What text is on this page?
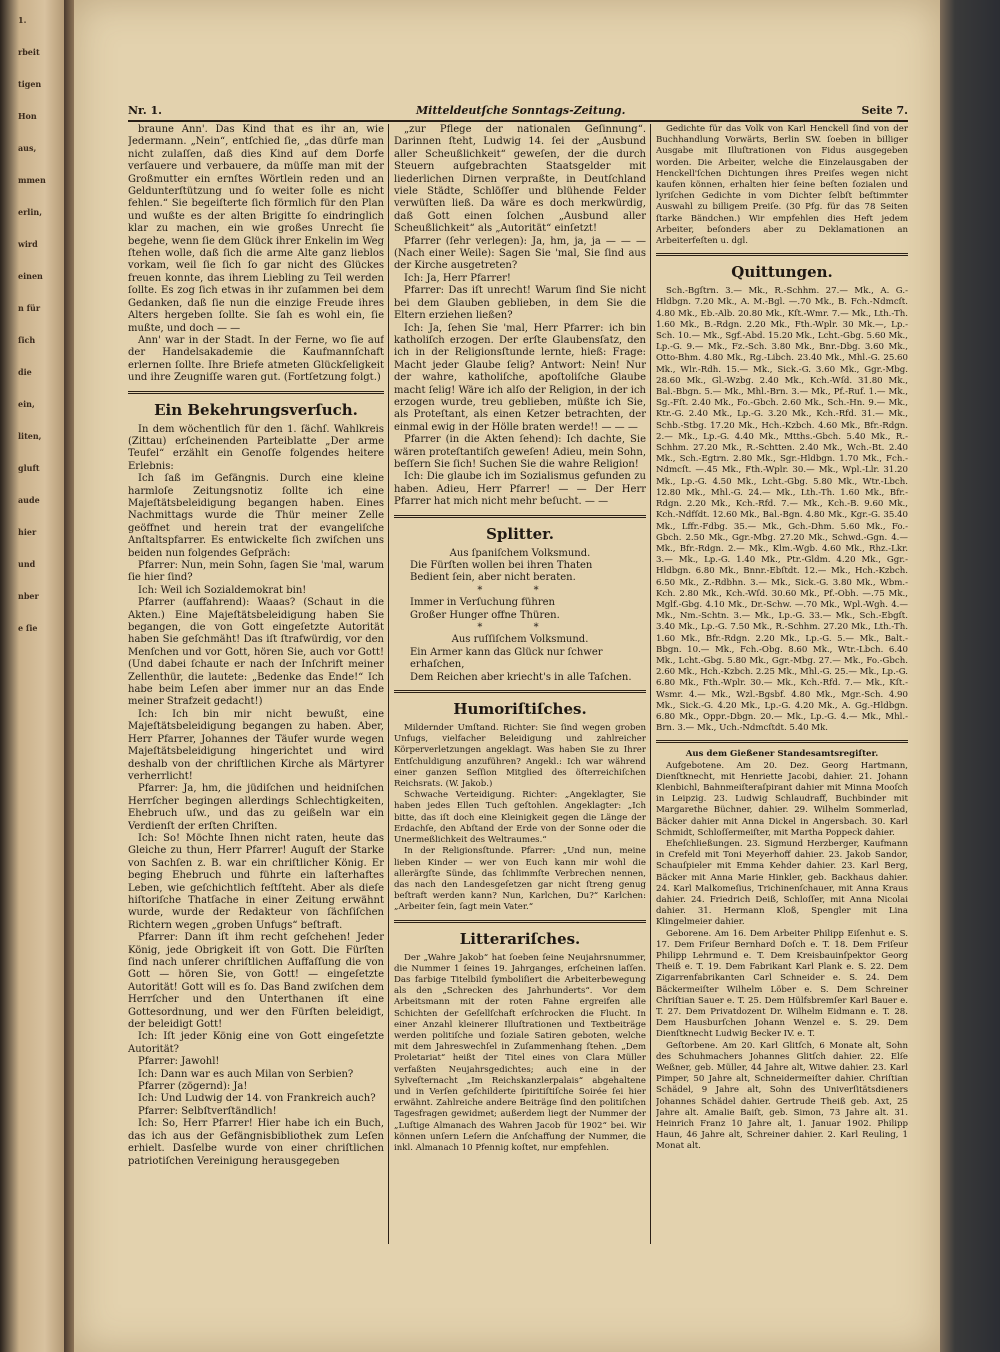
1.

rbeit

tigen

Hon

aus,

mmen

erlin,

wird

einen

n für

ſich

die

ein,

liten,

gluft

aude

hier

und

nber

e ſie

Nr. 1.	Mitteldeutſche Sonntags-Zeitung.	Seite 7.

braune Ann'. Das Kind that es ihr an, wie Jedermann. „Nein“, entſchied ſie, „das dürfe man nicht zulaſſen, daß dies Kind auf dem Dorfe verſauere und verbauere, da müſſe man mit der Großmutter ein ernſtes Wörtlein reden und an Geldunterſtützung und ſo weiter ſolle es nicht fehlen.“ Sie begeiſterte ſich förmlich für den Plan und wußte es der alten Brigitte ſo eindringlich klar zu machen, ein wie großes Unrecht ſie begehe, wenn ſie dem Glück ihrer Enkelin im Weg ſtehen wolle, daß ſich die arme Alte ganz lieblos vorkam, weil ſie ſich ſo gar nicht des Glückes freuen konnte, das ihrem Liebling zu Teil werden ſollte. Es zog ſich etwas in ihr zuſammen bei dem Gedanken, daß ſie nun die einzige Freude ihres Alters hergeben ſollte. Sie ſah es wohl ein, ſie mußte, und doch — —

Ann' war in der Stadt. In der Ferne, wo ſie auf der Handelsakademie die Kaufmannſchaft erlernen ſollte. Ihre Briefe atmeten Glückſeligkeit und ihre Zeugniſſe waren gut. (Fortſetzung folgt.)

Ein Bekehrungsverſuch.

In dem wöchentlich für den 1. ſächſ. Wahlkreis (Zittau) erſcheinenden Parteiblatte „Der arme Teufel“ erzählt ein Genoſſe folgendes heitere Erlebnis:

Ich ſaß im Gefängnis. Durch eine kleine harmloſe Zeitungsnotiz ſollte ich eine Majeſtätsbeleidigung begangen haben. Eines Nachmittags wurde die Thür meiner Zelle geöffnet und herein trat der evangeliſche Anſtaltspfarrer. Es entwickelte ſich zwiſchen uns beiden nun folgendes Geſpräch:

Pfarrer: Nun, mein Sohn, ſagen Sie 'mal, warum ſie hier ſind?

Ich: Weil ich Sozialdemokrat bin!

Pfarrer (auffahrend): Waaas? (Schaut in die Akten.) Eine Majeſtätsbeleidigung haben Sie begangen, die von Gott eingeſetzte Autorität haben Sie geſchmäht! Das iſt ſtrafwürdig, vor den Menſchen und vor Gott, hören Sie, auch vor Gott! (Und dabei ſchaute er nach der Inſchrift meiner Zellenthür, die lautete: „Bedenke das Ende!“ Ich habe beim Leſen aber immer nur an das Ende meiner Strafzeit gedacht!)

Ich: Ich bin mir nicht bewußt, eine Majeſtätsbeleidigung begangen zu haben. Aber, Herr Pfarrer, Johannes der Täufer wurde wegen Majeſtätsbeleidigung hingerichtet und wird deshalb von der chriſtlichen Kirche als Märtyrer verherrlicht!

Pfarrer: Ja, hm, die jüdiſchen und heidniſchen Herrſcher begingen allerdings Schlechtigkeiten, Ehebruch uſw., und das zu geißeln war ein Verdienſt der erſten Chriſten.

Ich: So! Möchte Ihnen nicht raten, heute das Gleiche zu thun, Herr Pfarrer! Auguſt der Starke von Sachſen z. B. war ein chriſtlicher König. Er beging Ehebruch und führte ein laſterhaftes Leben, wie geſchichtlich feſtſteht. Aber als dieſe hiſtoriſche Thatſache in einer Zeitung erwähnt wurde, wurde der Redakteur von ſächſiſchen Richtern wegen „groben Unfugs“ beſtraft.

Pfarrer: Dann iſt ihm recht geſchehen! Jeder König, jede Obrigkeit iſt von Gott. Die Fürſten ſind nach unſerer chriſtlichen Auffaſſung die von Gott — hören Sie, von Gott! — eingeſetzte Autorität! Gott will es ſo. Das Band zwiſchen dem Herrſcher und den Unterthanen iſt eine Gottesordnung, und wer den Fürſten beleidigt, der beleidigt Gott!

Ich: Iſt jeder König eine von Gott eingeſetzte Autorität?

Pfarrer: Jawohl!

Ich: Dann war es auch Milan von Serbien?

Pfarrer (zögernd): Ja!

Ich: Und Ludwig der 14. von Frankreich auch?

Pfarrer: Selbſtverſtändlich!

Ich: So, Herr Pfarrer! Hier habe ich ein Buch, das ich aus der Gefängnisbibliothek zum Leſen erhielt. Dasſelbe wurde von einer chriſtlichen patriotiſchen Vereinigung herausgegeben

„zur Pflege der nationalen Geſinnung“. Darinnen ſteht, Ludwig 14. ſei der „Ausbund aller Scheußlichkeit“ geweſen, der die durch Steuern aufgebrachten Staatsgelder mit liederlichen Dirnen verpraßte, in Deutſchland viele Städte, Schlöſſer und blühende Felder verwüſten ließ. Da wäre es doch merkwürdig, daß Gott einen ſolchen „Ausbund aller Scheußlichkeit“ als „Autorität“ einſetzt!

Pfarrer (ſehr verlegen): Ja, hm, ja, ja — — — (Nach einer Weile): Sagen Sie 'mal, Sie ſind aus der Kirche ausgetreten?

Ich: Ja, Herr Pfarrer!

Pfarrer: Das iſt unrecht! Warum ſind Sie nicht bei dem Glauben geblieben, in dem Sie die Eltern erziehen ließen?

Ich: Ja, ſehen Sie 'mal, Herr Pfarrer: ich bin katholiſch erzogen. Der erſte Glaubensſatz, den ich in der Religionsſtunde lernte, hieß: Frage: Macht jeder Glaube ſelig? Antwort: Nein! Nur der wahre, katholiſche, apoſtoliſche Glaube macht ſelig! Wäre ich alſo der Religion, in der ich erzogen wurde, treu geblieben, müßte ich Sie, als Proteſtant, als einen Ketzer betrachten, der einmal ewig in der Hölle braten werde!! — — —

Pfarrer (in die Akten ſehend): Ich dachte, Sie wären proteſtantiſch geweſen! Adieu, mein Sohn, beſſern Sie ſich! Suchen Sie die wahre Religion!

Ich: Die glaube ich im Sozialismus gefunden zu haben. Adieu, Herr Pfarrer! — — Der Herr Pfarrer hat mich nicht mehr beſucht. — —

Splitter.

Aus ſpaniſchem Volksmund.

Die Fürſten wollen bei ihren Thaten

Bedient ſein, aber nicht beraten.

* *

Immer in Verſuchung führen

Großer Hunger offne Thüren.

* *

Aus ruſſiſchem Volksmund.

Ein Armer kann das Glück nur ſchwer erhaſchen,

Dem Reichen aber kriecht's in alle Taſchen.

Humoriſtiſches.

Mildernder Umſtand. Richter: Sie ſind wegen groben Unfugs, vielfacher Beleidigung und zahlreicher Körperverletzungen angeklagt. Was haben Sie zu Ihrer Entſchuldigung anzuführen? Angekl.: Ich war während einer ganzen Seſſion Mitglied des öſterreichiſchen Reichsrats. (W. Jakob.)

Schwache Verteidigung. Richter: „Angeklagter, Sie haben jedes Ellen Tuch geſtohlen. Angeklagter: „Ich bitte, das iſt doch eine Kleinigkeit gegen die Länge der Erdachſe, den Abſtand der Erde von der Sonne oder die Unermeßlichkeit des Weltraumes.“

In der Religionsſtunde. Pfarrer: „Und nun, meine lieben Kinder — wer von Euch kann mir wohl die allerärgſte Sünde, das ſchlimmſte Verbrechen nennen, das nach den Landesgeſetzen gar nicht ſtreng genug beſtraft werden kann? Nun, Karlchen, Du?“ Karlchen: „Arbeiter ſein, ſagt mein Vater.“

Litterariſches.

Der „Wahre Jakob“ hat ſoeben ſeine Neujahrsnummer, die Nummer 1 ſeines 19. Jahrganges, erſcheinen laſſen. Das farbige Titelbild ſymboliſiert die Arbeiterbewegung als den „Schrecken des Jahrhunderts“. Vor dem Arbeitsmann mit der roten Fahne ergreifen alle Schichten der Geſellſchaft erſchrocken die Flucht. In einer Anzahl kleinerer Illuſtrationen und Textbeiträge werden politiſche und ſoziale Satiren geboten, welche mit dem Jahreswechſel in Zuſammenhang ſtehen. „Dem Proletariat“ heißt der Titel eines von Clara Müller verfaßten Neujahrsgedichtes; auch eine in der Sylveſternacht „Im Reichskanzlerpalais“ abgehaltene und in Verſen geſchilderte ſpiritiſtiſche Soirée ſei hier erwähnt. Zahlreiche andere Beiträge ſind den politiſchen Tagesfragen gewidmet; außerdem liegt der Nummer der „Luſtige Almanach des Wahren Jacob für 1902“ bei. Wir können unſern Leſern die Anſchaffung der Nummer, die inkl. Almanach 10 Pfennig koſtet, nur empfehlen.

Gedichte für das Volk von Karl Henckell ſind von der Buchhandlung Vorwärts, Berlin SW. ſoeben in billiger Ausgabe mit Illuſtrationen von Fidus ausgegeben worden. Die Arbeiter, welche die Einzelausgaben der Henckell'ſchen Dichtungen ihres Preiſes wegen nicht kaufen können, erhalten hier ſeine beſten ſozialen und lyriſchen Gedichte in vom Dichter ſelbſt beſtimmter Auswahl zu billigem Preiſe. (30 Pfg. für das 78 Seiten ſtarke Bändchen.) Wir empfehlen dies Heft jedem Arbeiter, beſonders aber zu Deklamationen an Arbeiterfeſten u. dgl.

Quittungen.

Sch.-Bgſtrn. 3.— Mk., R.-Schhm. 27.— Mk., A. G.-Hldbgn. 7.20 Mk., A. M.-Bgl. —.70 Mk., B. Fch.-Ndmcſt. 4.80 Mk., Eb.-Alb. 20.80 Mk., Kſt.-Wmr. 7.— Mk., Lth.-Th. 1.60 Mk., B.-Rdgn. 2.20 Mk., Fth.-Wplr. 30 Mk.—, Lp.-Sch. 10.— Mk., Sgf.-Abd. 15.20 Mk., Lcht.-Gbg. 5.60 Mk., Lp.-G. 9.— Mk., Fz.-Sch. 3.80 Mk., Bnr.-Dbg. 3.60 Mk., Otto-Bhm. 4.80 Mk., Rg.-Libch. 23.40 Mk., Mhl.-G. 25.60 Mk., Wlr.-Rdh. 15.— Mk., Sick.-G. 3.60 Mk., Ggr.-Mbg. 28.60 Mk., Gl.-Wzbg. 2.40 Mk., Kch.-Wſd. 31.80 Mk., Bal.-Bbgn. 5.— Mk., Mhl.-Brn. 3.— Mk., Pf.-Ruf. 1.— Mk., Sg.-Fſt. 2.40 Mk., Fo.-Gbch. 2.60 Mk., Sch.-Hn. 9.— Mk., Ktr.-G. 2.40 Mk., Lp.-G. 3.20 Mk., Kch.-Rfd. 31.— Mk., Schb.-Stbg. 17.20 Mk., Hch.-Kzbch. 4.60 Mk., Bfr.-Rdgn. 2.— Mk., Lp.-G. 4.40 Mk., Mtths.-Gbch. 5.40 Mk., R.-Schhm. 27.20 Mk., R.-Schtten. 2.40 Mk., Wch.-Bt. 2.40 Mk., Sch.-Egtrn. 2.80 Mk., Sgr.-Hldbgn. 1.70 Mk., Fch.-Ndmcſt. —.45 Mk., Fth.-Wplr. 30.— Mk., Wpl.-Llr. 31.20 Mk., Lp.-G. 4.50 Mk., Lcht.-Gbg. 5.80 Mk., Wtr.-Lbch. 12.80 Mk., Mhl.-G. 24.— Mk., Lth.-Th. 1.60 Mk., Bfr.-Rdgn. 2.20 Mk., Kch.-Rfd. 7.— Mk., Kch.-B. 9.60 Mk., Kch.-Ndfſdt. 12.60 Mk., Bal.-Bgn. 4.80 Mk., Kgr.-G. 35.40 Mk., Lffr.-Fdbg. 35.— Mk., Gch.-Dhm. 5.60 Mk., Fo.-Gbch. 2.50 Mk., Ggr.-Mbg. 27.20 Mk., Schwd.-Ggn. 4.— Mk., Bfr.-Rdgn. 2.— Mk., Klm.-Wgb. 4.60 Mk., Rhz.-Lkr. 3.— Mk., Lp.-G. 1.40 Mk., Ptr.-Gldm. 4.20 Mk., Ggr.-Hldbgn. 6.80 Mk., Bnnr.-Ebſtdt. 12.— Mk., Hch.-Kzbch. 6.50 Mk., Z.-Rdbhn. 3.— Mk., Sick.-G. 3.80 Mk., Wbm.-Kch. 2.80 Mk., Kch.-Wſd. 30.60 Mk., Pf.-Obh. —.75 Mk., Mglf.-Gbg. 4.10 Mk., Dr.-Schw. —.70 Mk., Wpl.-Wgh. 4.— Mk., Nm.-Schtn. 3.— Mk., Lp.-G. 33.— Mk., Sch.-Ebgſt. 3.40 Mk., Lp.-G. 7.50 Mk., R.-Schhm. 27.20 Mk., Lth.-Th. 1.60 Mk., Bfr.-Rdgn. 2.20 Mk., Lp.-G. 5.— Mk., Balt.-Bbgn. 10.— Mk., Fch.-Obg. 8.60 Mk., Wtr.-Lbch. 6.40 Mk., Lcht.-Gbg. 5.80 Mk., Ggr.-Mbg. 27.— Mk., Fo.-Gbch. 2.60 Mk., Hch.-Kzbch. 2.25 Mk., Mhl.-G. 25.— Mk., Lp.-G. 6.80 Mk., Fth.-Wplr. 30.— Mk., Kch.-Rfd. 7.— Mk., Kſt.-Wsmr. 4.— Mk., Wzl.-Bgsbf. 4.80 Mk., Mgr.-Sch. 4.90 Mk., Sick.-G. 4.20 Mk., Lp.-G. 4.20 Mk., A. Gg.-Hldbgn. 6.80 Mk., Oppr.-Dbgn. 20.— Mk., Lp.-G. 4.— Mk., Mhl.-Brn. 3.— Mk., Uch.-Ndmcſtdt. 5.40 Mk.

Aus dem Gießener Standesamtsregiſter.

Aufgebotene. Am 20. Dez. Georg Hartmann, Dienſtknecht, mit Henriette Jacobi, dahier. 21. Johann Klenbichl, Bahnmeiſteraſpirant dahier mit Minna Mooſch in Leipzig. 23. Ludwig Schlaudraff, Buchbinder mit Margarethe Büchner, dahier. 29. Wilhelm Sommerlad, Bäcker dahier mit Anna Dickel in Angersbach. 30. Karl Schmidt, Schloſſermeiſter, mit Martha Poppeck dahier.

Eheſchließungen. 23. Sigmund Herzberger, Kaufmann in Crefeld mit Toni Meyerhoff dahier. 23. Jakob Sandor, Schauſpieler mit Emma Kehder dahier. 23. Karl Berg, Bäcker mit Anna Marie Hinkler, geb. Backhaus dahier. 24. Karl Malkomeſius, Trichinenſchauer, mit Anna Kraus dahier. 24. Friedrich Deiß, Schloſſer, mit Anna Nicolai dahier. 31. Hermann Kloß, Spengler mit Lina Klingelmeier dahier.

Geborene. Am 16. Dem Arbeiter Philipp Eiſenhut e. S. 17. Dem Friſeur Bernhard Doſch e. T. 18. Dem Friſeur Philipp Lehrmund e. T. Dem Kreisbauinſpektor Georg Theiß e. T. 19. Dem Fabrikant Karl Plank e. S. 22. Dem Zigarrenfabrikanten Carl Schneider e. S. 24. Dem Bäckermeiſter Wilhelm Löber e. S. Dem Schreiner Chriſtian Sauer e. T. 25. Dem Hülfsbremſer Karl Bauer e. T. 27. Dem Privatdozent Dr. Wilhelm Eidmann e. T. 28. Dem Hausburſchen Johann Wenzel e. S. 29. Dem Dienſtknecht Ludwig Becker IV. e. T.

Geſtorbene. Am 20. Karl Glitſch, 6 Monate alt, Sohn des Schuhmachers Johannes Glitſch dahier. 22. Elſe Weßner, geb. Müller, 44 Jahre alt, Witwe dahier. 23. Karl Pimper, 50 Jahre alt, Schneidermeiſter dahier. Chriſtian Schädel, 9 Jahre alt, Sohn des Univerſitätsdieners Johannes Schädel dahier. Gertrude Theiß geb. Axt, 25 Jahre alt. Amalie Baiſt, geb. Simon, 73 Jahre alt. 31. Heinrich Franz 10 Jahre alt, 1. Januar 1902. Philipp Haun, 46 Jahre alt, Schreiner dahier. 2. Karl Reuling, 1 Monat alt.
